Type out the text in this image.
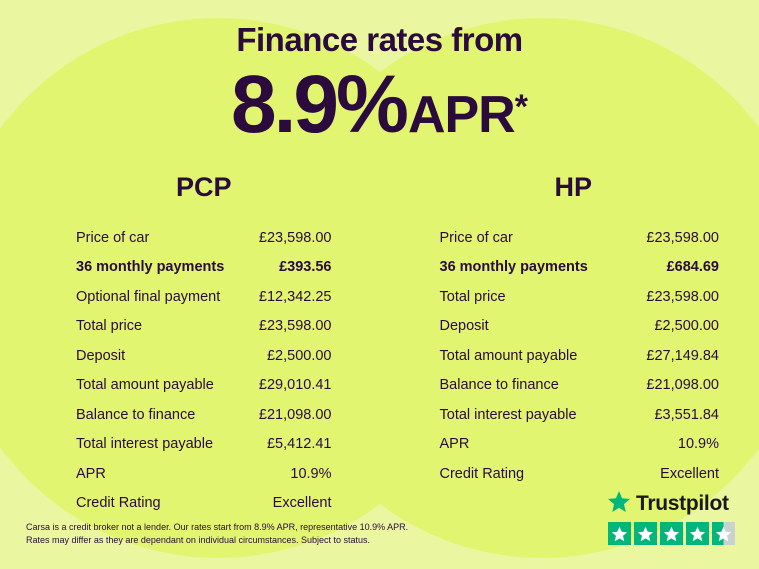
Finance rates from
8.9% APR *
PCP
Price of car	£23,598.00
36 monthly payments	£393.56
Optional final payment	£12,342.25
Total price	£23,598.00
Deposit	£2,500.00
Total amount payable	£29,010.41
Balance to finance	£21,098.00
Total interest payable	£5,412.41
APR	10.9%
Credit Rating	Excellent
HP
Price of car	£23,598.00
36 monthly payments	£684.69
Total price	£23,598.00
Deposit	£2,500.00
Total amount payable	£27,149.84
Balance to finance	£21,098.00
Total interest payable	£3,551.84
APR	10.9%
Credit Rating	Excellent
Carsa is a credit broker not a lender. Our rates start from 8.9% APR, representative 10.9% APR.
Rates may differ as they are dependant on individual circumstances. Subject to status.
Trustpilot
